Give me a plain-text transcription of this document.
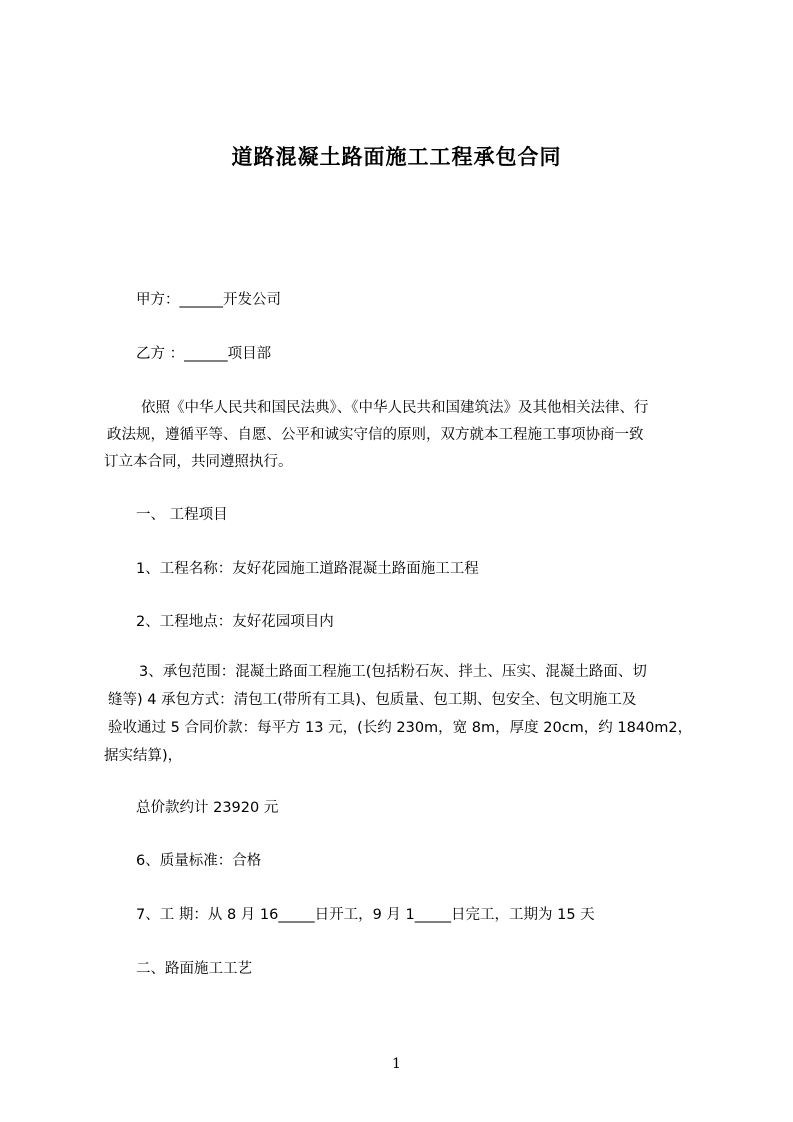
道路混凝土路面施工工程承包合同
甲方：______开发公司
乙方 ：______项目部
依照《中华人民共和国民法典》、《中华人民共和国建筑法》及其他相关法律、行
政法规，遵循平等、自愿、公平和诚实守信的原则，双方就本工程施工事项协商一致
订立本合同，共同遵照执行。
一、 工程项目
1、工程名称：友好花园施工道路混凝土路面施工工程
2、工程地点：友好花园项目内
3、承包范围：混凝土路面工程施工(包括粉石灰、拌土、压实、混凝土路面、切
缝等) 4 承包方式：清包工(带所有工具)、包质量、包工期、包安全、包文明施工及
验收通过 5 合同价款：每平方 13 元，(长约 230m，宽 8m，厚度 20cm，约 1840m2，
据实结算)，
总价款约计 23920 元
6、质量标准：合格
7、工 期：从 8 月 16_____日开工，9 月 1_____日完工，工期为 15 天
二、路面施工工艺
1
